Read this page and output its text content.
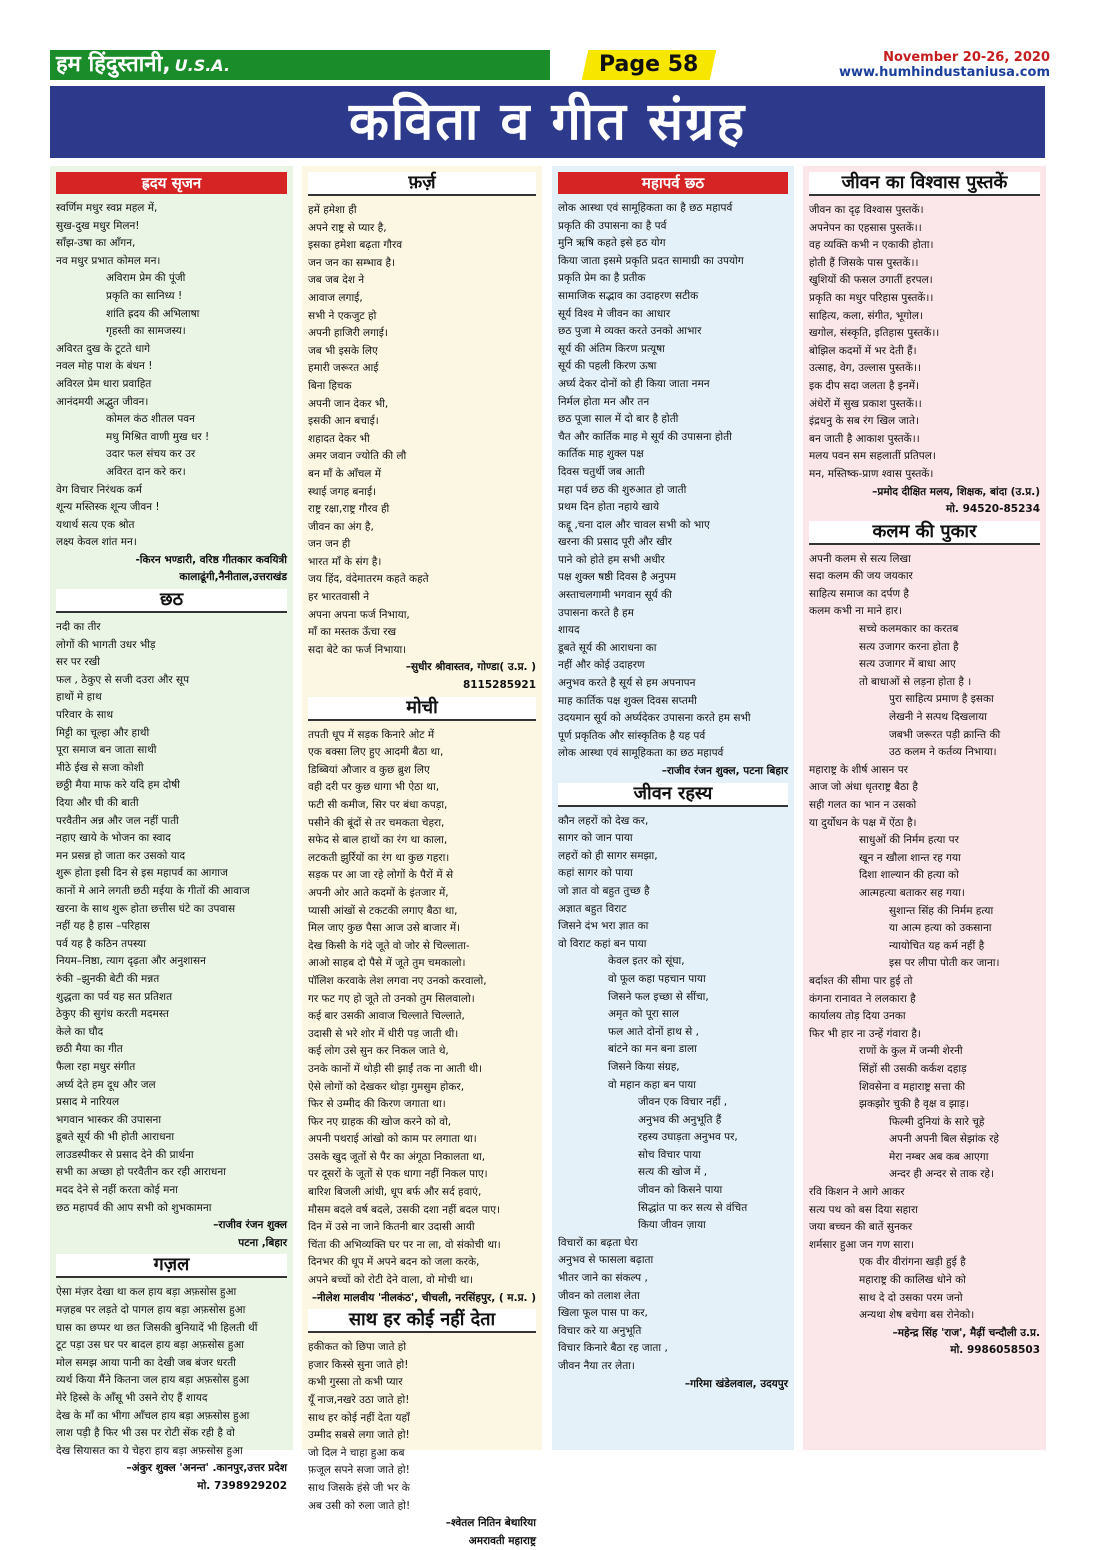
हम हिंदुस्तानी, U.S.A.	Page 58	November 20-26, 2020
www.humhindustaniusa.com
कविता व गीत संग्रह
ह्रदय सृजन
स्वर्णिम मधुर स्वप्न महल में,
सुख-दुख मधुर मिलन!
साँझ-उषा का आँगन,
नव मधुर प्रभात कोमल मन।
अविराम प्रेम की पूंजी
प्रकृति का सानिध्य !
शांति ह्रदय की अभिलाषा
गृहस्ती का सामजस्य।
अविरत दुख के टूटते धागे
नवल मोह पाश के बंधन !
अविरल प्रेम धारा प्रवाहित
आनंदमयी अद्भुत जीवन।
कोमल कंठ शीतल पवन
मधु मिश्रित वाणी मुख धर !
उदार फल संचय कर उर
अविरत दान करे कर।
वेग विचार निरंथक कर्म
शून्य मस्तिस्क शून्य जीवन !
यथार्थ सत्य एक श्रोत
लक्ष्य केवल शांत मन।
-किरन भण्डारी, वरिष्ठ गीतकार कवयित्री
कालाढूंगी,नैनीताल,उत्तराखंड
छठ
नदी का तीर
लोगों की भागती उधर भीड़
सर पर रखी
फल , ठेकुए से सजी दउरा और सूप
हाथों मे हाथ
परिवार के साथ
मिट्टी का चूल्हा और हाथी
पूरा समाज बन जाता साथी
मीठे ईख से सजा कोशी
छठ्ठी मैया माफ करे यदि हम दोषी
दिया और घी की बाती
परवैतीन अन्न और जल नहीं पाती
नहाए खाये के भोजन का स्वाद
मन प्रसन्न हो जाता कर उसको याद
शुरू होता इसी दिन से इस महापर्व का आगाज
कानों मे आने लगती छठी मईया के गीतों की आवाज
खरना के साथ शुरू होता छत्तीस घंटे का उपवास
नहीं यह है हास –परिहास
पर्व यह है कठिन तपस्या
नियम–निष्ठा, त्याग दृढ़ता और अनुशासन
रुंकी –झुनकी बेटी की मन्नत
शुद्धता का पर्व यह सत प्रतिशत
ठेकुए की सुगंध करती मदमस्त
केले का घौद
छठी मैया का गीत
फैला रहा मधुर संगीत
अर्घ्य देते हम दूध और जल
प्रसाद मे नारियल
भगवान भास्कर की उपासना
डूबते सूर्य की भी होती आराधना
लाउडस्पीकर से प्रसाद देने की प्रार्थना
सभी का अच्छा हो परवैतीन कर रही आराधना
मदद देने से नहीं करता कोई मना
छठ महापर्व की आप सभी को शुभकामना
–राजीव रंजन शुक्ल
पटना ,बिहार
गज़ल
ऐसा मंज़र देखा था कल हाय बड़ा अफ़सोस हुआ
मज़हब पर लड़ते दो पागल हाय बड़ा अफ़सोस हुआ
घास का छप्पर था छत जिसकी बुनियादें भी हिलती थीं
टूट पड़ा उस घर पर बादल हाय बड़ा अफ़सोस हुआ
मोल समझ आया पानी का देखी जब बंजर धरती
व्यर्थ किया मैंने कितना जल हाय बड़ा अफ़सोस हुआ
मेरे हिस्से के आँसू भी उसने रोए हैं शायद
देख के माँ का भीगा आँचल हाय बड़ा अफ़सोस हुआ
लाश पड़ी है फिर भी उस पर रोटी सेंक रही है वो
देख सियासत का ये चेहरा हाय बड़ा अफ़सोस हुआ
–अंकुर शुक्ल 'अनन्त' .कानपुर,उत्तर प्रदेश
मो. 7398929202
फ़र्ज़
हमें हमेशा ही
अपने राष्ट्र से प्यार है,
इसका हमेशा बढ़ता गौरव
जन जन का सम्भाव है।
जब जब देश ने
आवाज लगाई,
सभी ने एकजुट हो
अपनी हाजिरी लगाई।
जब भी इसके लिए
हमारी जरूरत आई
बिना हिचक
अपनी जान देकर भी,
इसकी आन बचाई।
शहादत देकर भी
अमर जवान ज्योति की लौ
बन माँ के आँचल में
स्थाई जगह बनाई।
राष्ट्र रक्षा,राष्ट्र गौरव ही
जीवन का अंग है,
जन जन ही
भारत माँ के संग है।
जय हिंद, वंदेमातरम कहते कहते
हर भारतवासी ने
अपना अपना फर्ज निभाया,
माँ का मस्तक ऊँचा रख
सदा बेटे का फर्ज निभाया।
–सुधीर श्रीवास्तव, गोण्डा( उ.प्र. )
8115285921
मोची
तपती धूप में सड़क किनारे ओट में
एक बक्सा लिए हुए आदमी बैठा था,
डिब्बियां औजार व कुछ ब्रुश लिए
वही दरी पर कुछ धागा भी ऐठा था,
फटी सी कमीज, सिर पर बंधा कपड़ा,
पसीने की बूंदों से तर चमकता चेहरा,
सफेद से बाल हाथों का रंग था काला,
लटकती झुर्रियों का रंग था कुछ गहरा।
सड़क पर आ जा रहे लोगों के पैरों में से
अपनी ओर आते कदमों के इंतजार में,
प्यासी आंखों से टकटकी लगाए बैठा था,
मिल जाए कुछ पैसा आज उसे बाजार में।
देख किसी के गंदे जूते वो जोर से चिल्लाता-
आओ साहब दो पैसे में जूते तुम चमकालो।
पॉलिश करवाके लेश लगवा नए उनको करवालो,
गर फट गए हो जूते तो उनको तुम सिलवालो।
कई बार उसकी आवाज चिल्लाते चिल्लाते,
उदासी से भरे शोर में धीरी पड़ जाती थी।
कई लोग उसे सुन कर निकल जाते थे,
उनके कानों में थोड़ी सी झाईं तक ना आती थी।
ऐसे लोगों को देखकर थोड़ा गुमसुम होकर,
फिर से उम्मीद की किरण जगाता था।
फिर नए ग्राहक की खोज करने को वो,
अपनी पथराई आंखो को काम पर लगाता था।
उसके खुद जूतों से पैर का अंगूठा निकालता था,
पर दूसरों के जूतों से एक धागा नहीं निकल पाए।
बारिश बिजली आंधी, धूप बर्फ और सर्द हवाएं,
मौसम बदले वर्ष बदले, उसकी दशा नहीं बदल पाए।
दिन में उसे ना जाने कितनी बार उदासी आयी
चिंता की अभिव्यक्ति घर पर ना ला, वो संकोची था।
दिनभर की धूप में अपने बदन को जला करके,
अपने बच्चों को रोटी देने वाला, वो मोची था।
–नीलेश मालवीय 'नीलकंठ', चीचली, नरसिंहपुर, ( म.प्र. )
साथ हर कोई नहीं देता
हकीकत को छिपा जाते हो
हजार किस्से सुना जाते हो!
कभी गुस्सा तो कभी प्यार
यूँ नाज,नखरे उठा जाते हो!
साथ हर कोई नहीं देता यहाँ
उम्मीद सबसे लगा जाते हो!
जो दिल ने चाहा हुआ कब
फ़जूल सपने सजा जाते हो!
साथ जिसके हंसे जी भर के
अब उसी को रुला जाते हो!
–श्वेतल नितिन बेथारिया
अमरावती महाराष्ट्र
महापर्व छठ
लोक आस्था एवं सामूहिकता का है छठ महापर्व
प्रकृति की उपासना का है पर्व
मुनि ऋषि कहते इसे हठ योग
किया जाता इसमे प्रकृति प्रदत सामाग्री का उपयोग
प्रकृति प्रेम का है प्रतीक
सामाजिक सद्भाव का उदाहरण सटीक
सूर्य विश्व मे जीवन का आधार
छठ पुजा मे व्यक्त करते उनको आभार
सूर्य की अंतिम किरण प्रत्यूषा
सूर्य की पहली किरण ऊषा
अर्घ्य देकर दोनों को ही किया जाता नमन
निर्मल होता मन और तन
छठ पूजा साल में दो बार है होती
चैत और कार्तिक माह मे सूर्य की उपासना होती
कार्तिक माह शुक्ल पक्ष
दिवस चतुर्थी जब आती
महा पर्व छठ की शुरुआत हो जाती
प्रथम दिन होता नहाये खाये
कद्दू ,चना दाल और चावल सभी को भाए
खरना की प्रसाद पूरी और खीर
पाने को होते हम सभी अधीर
पक्ष शुक्ल षष्ठी दिवस है अनुपम
अस्ताचलगामी भगवान सूर्य की
उपासना करते है हम
शायद
डूबते सूर्य की आराधना का
नहीं और कोई उदाहरण
अनुभव करते है सूर्य से हम अपनापन
माह कार्तिक पक्ष शुक्ल दिवस सप्तमी
उदयमान सूर्य को अर्घ्यदेकर उपासना करते हम सभी
पूर्ण प्रकृतिक और सांस्कृतिक है यह पर्व
लोक आस्था एवं सामूहिकता का छठ महापर्व
–राजीव रंजन शुक्ल, पटना बिहार
जीवन रहस्य
कौन लहरों को देख कर,
सागर को जान पाया
लहरों को ही सागर समझा,
कहां सागर को पाया
जो ज्ञात वो बहुत तुच्छ है
अज्ञात बहुत विराट
जिसने दंभ भरा ज्ञात का
वो विराट कहां बन पाया
केवल इतर को सूंघा,
वो फूल कहा पहचान पाया
जिसने फल इच्छा से सींचा,
अमृत को पूरा साल
फल आते दोनों हाथ से ,
बांटने का मन बना डाला
जिसने किया संग्रह,
वो महान कहा बन पाया
जीवन एक विचार नहीं ,
अनुभव की अनुभूति हैं
रहस्य उघाड़ता अनुभव पर,
सोच विचार पाया
सत्य की खोज में ,
जीवन को किसने पाया
सिद्धांत पा कर सत्य से वंचित
किया जीवन ज़ाया
विचारों का बढ़ता घेरा
अनुभव से फासला बढ़ाता
भीतर जाने का संकल्प ,
जीवन को तलाश लेता
खिला फूल पास पा कर,
विचार करे या अनुभूति
विचार किनारे बैठा रह जाता ,
जीवन नैया तर लेता।
–गरिमा खंडेलवाल, उदयपुर
जीवन का विश्वास पुस्तकें
जीवन का दृढ़ विश्वास पुस्तकें।
अपनेपन का एहसास पुस्तकें।।
वह व्यक्ति कभी न एकाकी होता।
होती हैं जिसके पास पुस्तकें।।
खुशियों की फसल उगातीं हरपल।
प्रकृति का मधुर परिहास पुस्तकें।।
साहित्य, कला, संगीत, भूगोल।
खगोल, संस्कृति, इतिहास पुस्तकें।।
बोझिल कदमों में भर देती हैं।
उत्साह, वेग, उल्लास पुस्तकें।।
इक दीप सदा जलता है इनमें।
अंधेरों में सुख प्रकाश पुस्तकें।।
इंद्रधनु के सब रंग खिल जाते।
बन जाती है आकाश पुस्तकें।।
मलय पवन सम सहलातीं प्रतिपल।
मन, मस्तिष्क-प्राण श्वास पुस्तकें।
–प्रमोद दीक्षित मलय, शिक्षक, बांदा (उ.प्र.)
मो. 94520-85234
कलम की पुकार
अपनी कलम से सत्य लिखा
सदा कलम की जय जयकार
साहित्य समाज का दर्पण है
कलम कभी ना माने हार।
सच्चे कलमकार का करतब
सत्य उजागर करना होता है
सत्य उजागर में बाधा आए
तो बाधाओं से लड़ना होता है ।
पुरा साहित्य प्रमाण है इसका
लेखनी ने सत्पथ दिखलाया
जबभी जरूरत पड़ी क्रान्ति की
उठ कलम ने कर्तव्य निभाया।
महाराष्ट्र के शीर्ष आसन पर
आज जो अंधा धृतराष्ट्र बैठा है
सही गलत का भान न उसको
या दुर्योधन के पक्ष में ऐंठा है।
साधुओं की निर्मम हत्या पर
खून न खौला शान्त रह गया
दिशा शाल्यान की हत्या को
आत्महत्या बताकर सह गया।
सुशान्त सिंह की निर्मम हत्या
या आत्म हत्या को उकसाना
न्यायोचित यह कर्म नहीं है
इस पर लीपा पोती कर जाना।
बर्दाश्त की सीमा पार हुई तो
कंगना रानावत ने ललकारा है
कार्यालय तोड़ दिया उनका
फिर भी हार ना उन्हें गंवारा है।
राणों के कुल में जन्मी शेरनी
सिंहों सी उसकी कर्कश दहाड़
शिवसेना व महाराष्ट्र सत्ता की
झकझोर चुकी है वृक्ष व झाड़।
फिल्मी दुनियां के सारे चूहे
अपनी अपनी बिल सेझांक रहे
मेरा नम्बर अब कब आएगा
अन्दर ही अन्दर से ताक रहे।
रवि किशन ने आगे आकर
सत्य पथ को बस दिया सहारा
जया बच्चन की बातें सुनकर
शर्मसार हुआ जन गण सारा।
एक वीर वीरांगना खड़ी हुई है
महाराष्ट्र की कालिख धोने को
साथ दे दो उसका परम जनो
अन्यथा शेष बचेगा बस रोनेको।
–महेन्द्र सिंह 'राज', मैढ़ीं चन्दौली उ.प्र.
मो. 9986058503
